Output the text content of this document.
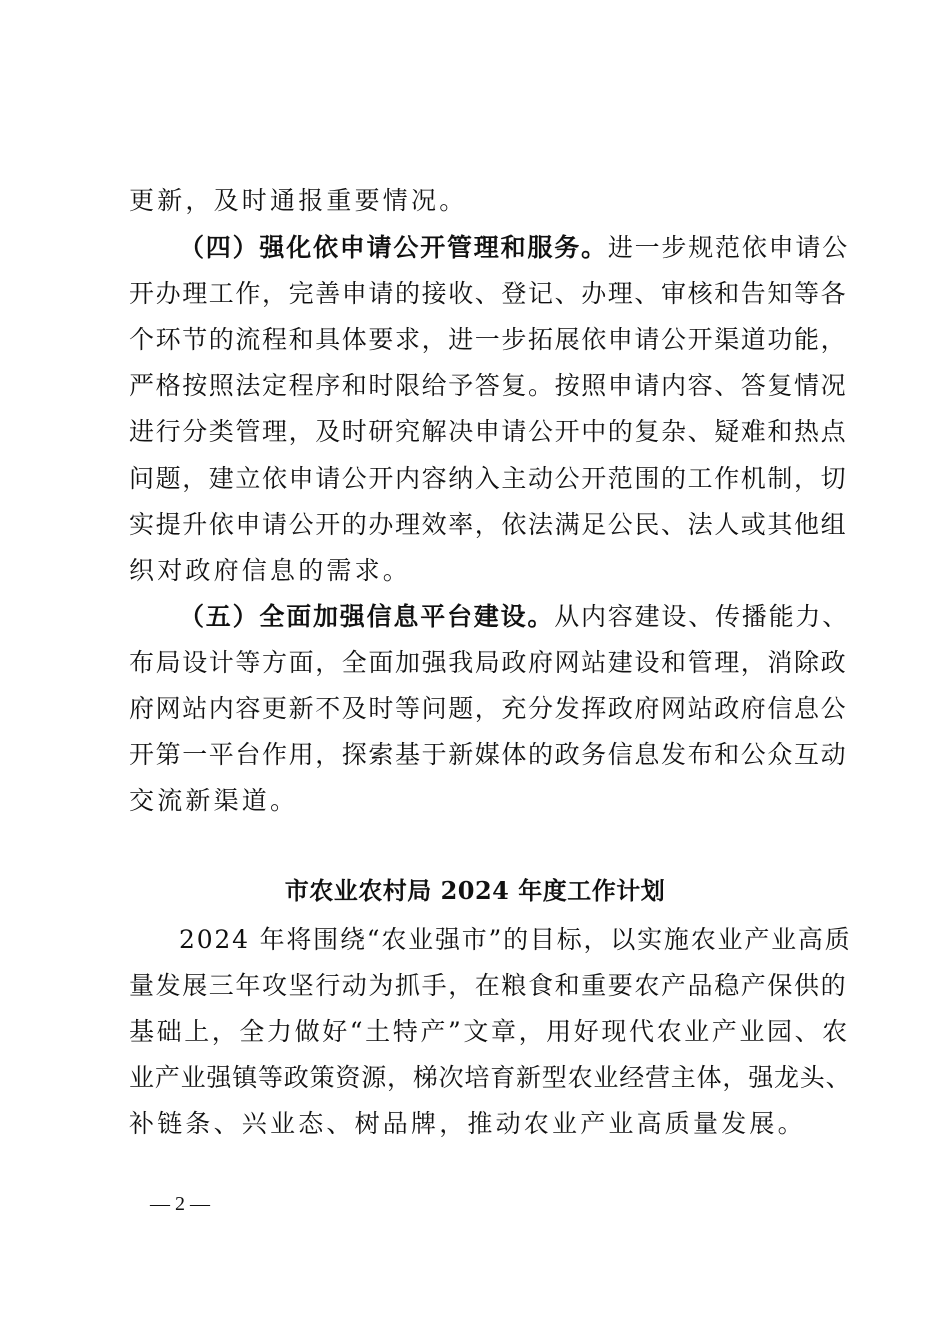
更新，及时通报重要情况。
（四）强化依申请公开管理和服务。进一步规范依申请公
开办理工作，完善申请的接收、登记、办理、审核和告知等各
个环节的流程和具体要求，进一步拓展依申请公开渠道功能，
严格按照法定程序和时限给予答复。按照申请内容、答复情况
进行分类管理，及时研究解决申请公开中的复杂、疑难和热点
问题，建立依申请公开内容纳入主动公开范围的工作机制，切
实提升依申请公开的办理效率，依法满足公民、法人或其他组
织对政府信息的需求。
（五）全面加强信息平台建设。从内容建设、传播能力、
布局设计等方面，全面加强我局政府网站建设和管理，消除政
府网站内容更新不及时等问题，充分发挥政府网站政府信息公
开第一平台作用，探索基于新媒体的政务信息发布和公众互动
交流新渠道。
市农业农村局 2024 年度工作计划
2024 年将围绕“农业强市”的目标，以实施农业产业高质
量发展三年攻坚行动为抓手，在粮食和重要农产品稳产保供的
基础上，全力做好“土特产”文章，用好现代农业产业园、农
业产业强镇等政策资源，梯次培育新型农业经营主体，强龙头、
补链条、兴业态、树品牌，推动农业产业高质量发展。
— 2 —
